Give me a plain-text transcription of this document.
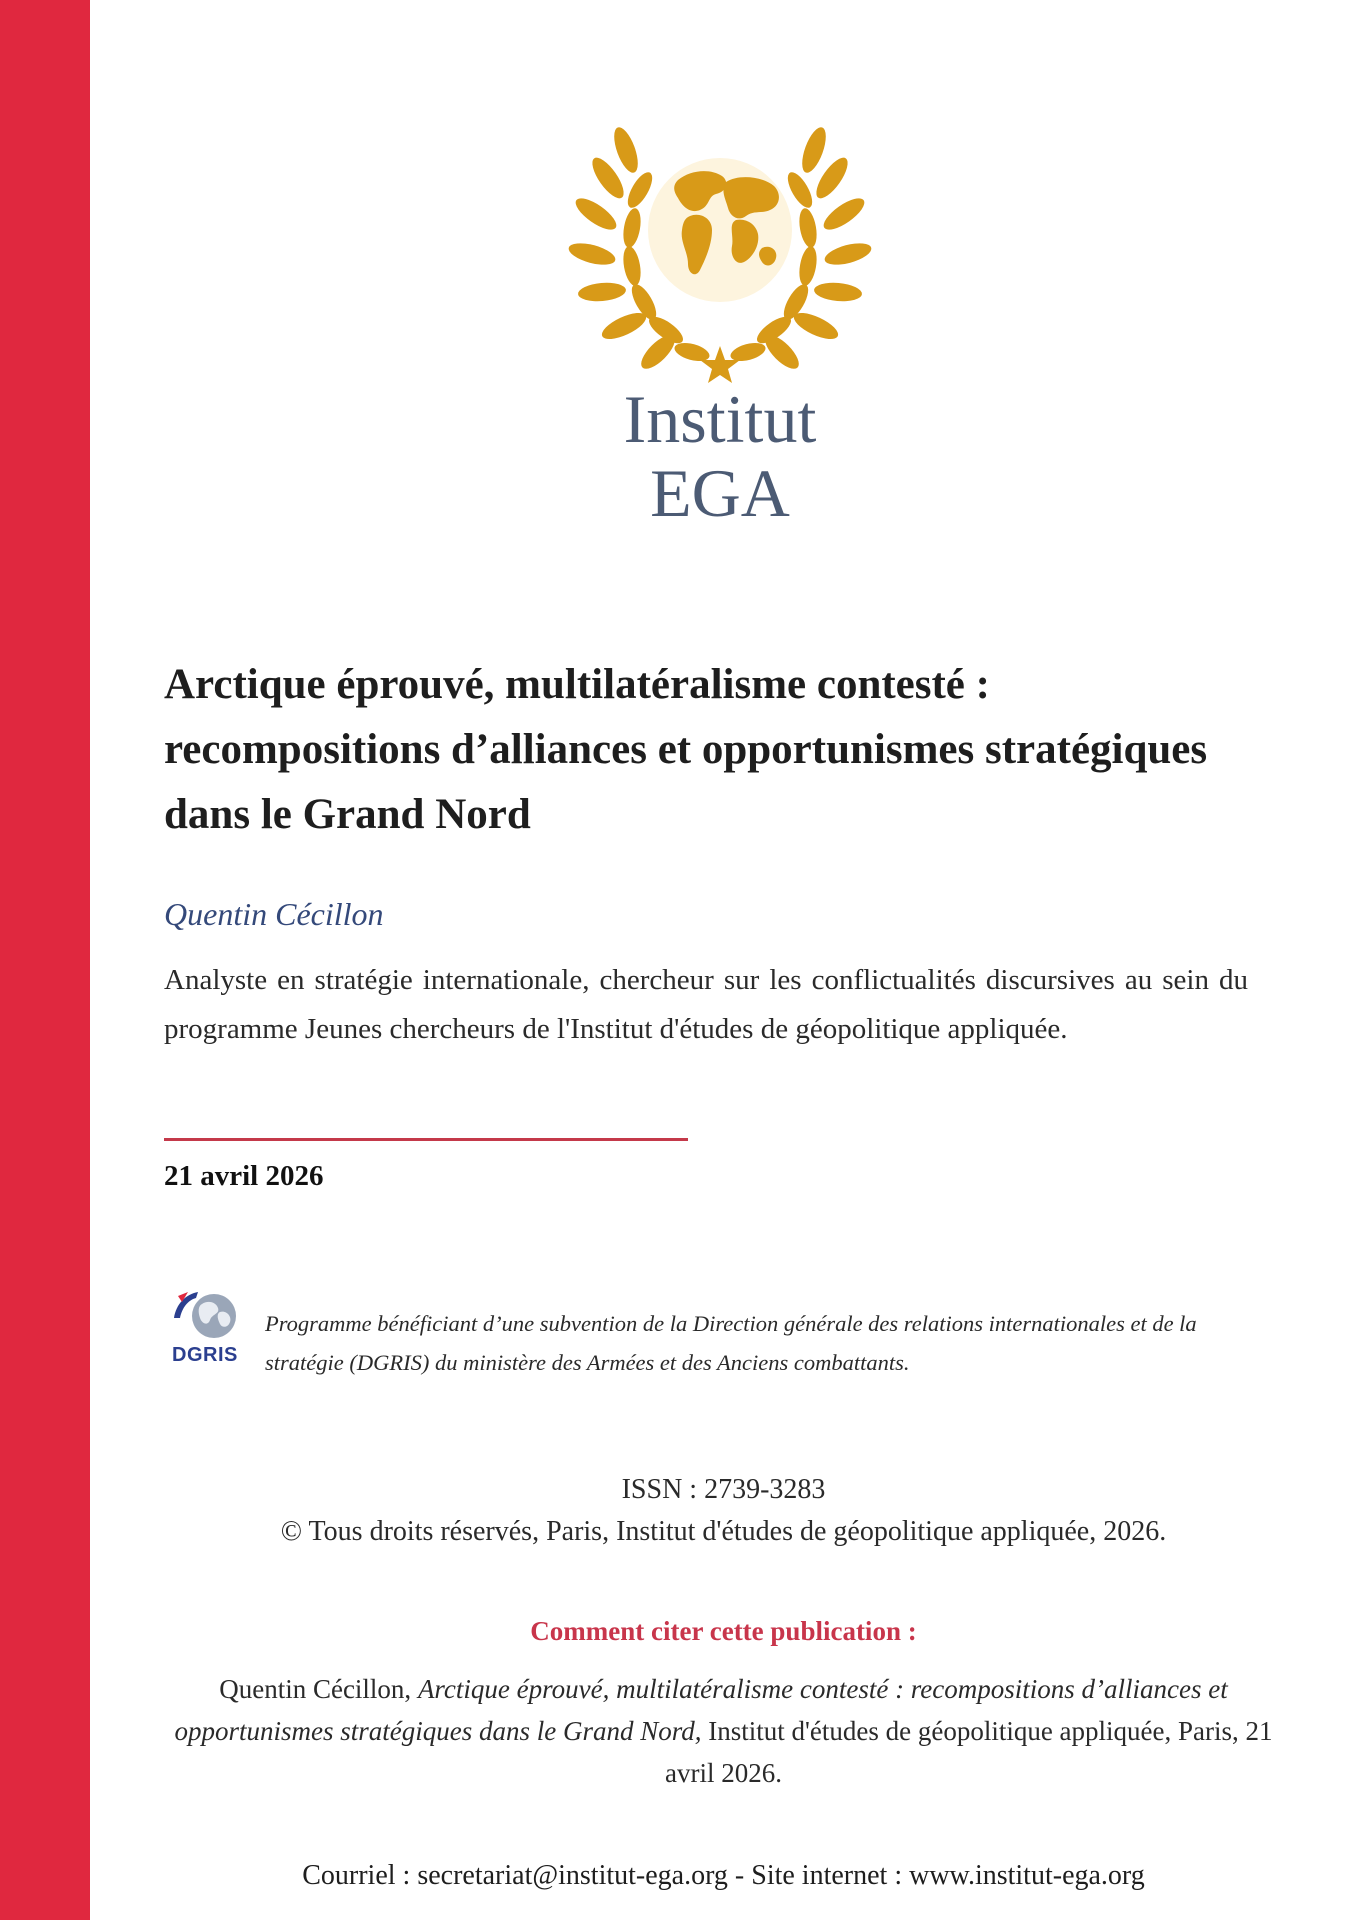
Institut
EGA
Arctique éprouvé, multilatéralisme contesté : recompositions d’alliances et opportunismes stratégiques dans le Grand Nord

Quentin Cécillon

Analyste en stratégie internationale, chercheur sur les conflictualités discursives au sein du programme Jeunes chercheurs de l'Institut d'études de géopolitique appliquée.

21 avril 2026

DGRIS

Programme bénéficiant d’une subvention de la Direction générale des relations internationales et de la stratégie (DGRIS) du ministère des Armées et des Anciens combattants.

ISSN : 2739-3283

© Tous droits réservés, Paris, Institut d'études de géopolitique appliquée, 2026.

Comment citer cette publication :

Quentin Cécillon, Arctique éprouvé, multilatéralisme contesté : recompositions d’alliances et opportunismes stratégiques dans le Grand Nord, Institut d'études de géopolitique appliquée, Paris, 21 avril 2026.

Courriel : secretariat@institut-ega.org - Site internet : www.institut-ega.org
